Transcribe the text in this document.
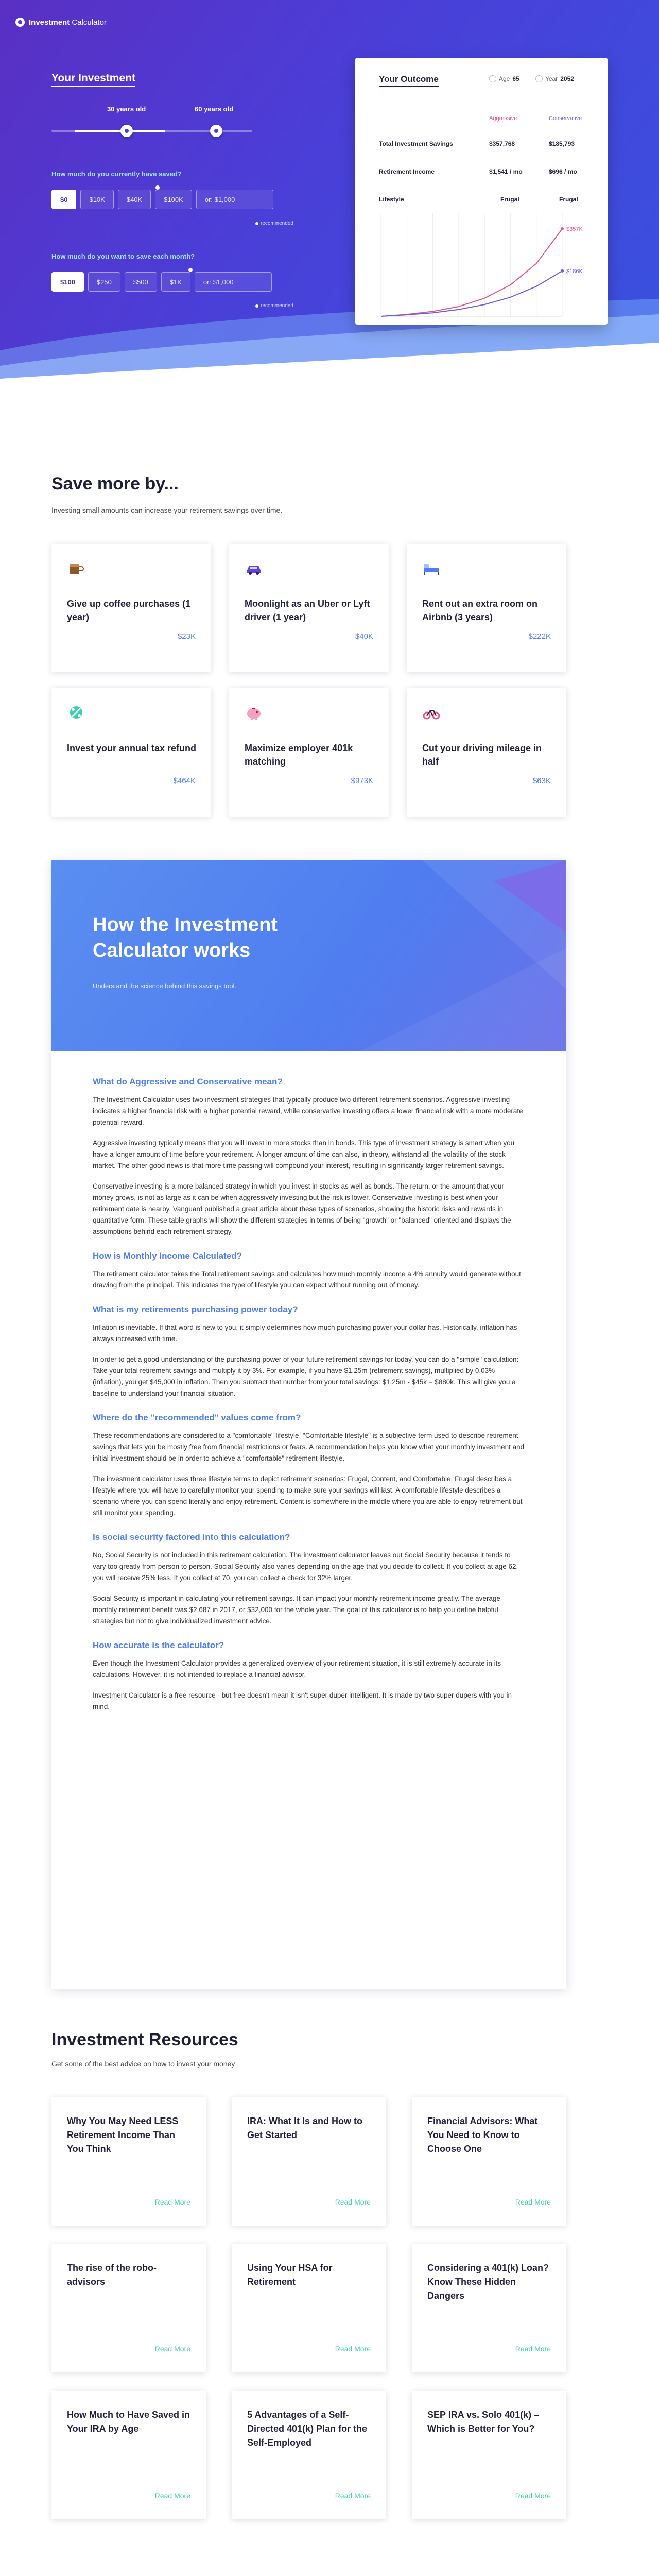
Investment Calculator
Your Investment
30 years old	60 years old
How much do you currently have saved?
$0	$10K	$40K	$100K	or: $1,000
recommended
How much do you want to save each month?
$100	$250	$500	$1K	or: $1,000
recommended
Your Outcome	Age 65	Year 2052
Aggressive	Conservative
Total Investment Savings	$357,768	$185,793
Retirement Income	$1,541 / mo	$696 / mo
Lifestyle	Frugal	Frugal
$357K
$186K
Save more by...
Investing small amounts can increase your retirement savings over time.
Give up coffee purchases (1 year)
$23K
Moonlight as an Uber or Lyft driver (1 year)
$40K
Rent out an extra room on Airbnb (3 years)
$222K
Invest your annual tax refund
$464K
Maximize employer 401k matching
$973K
Cut your driving mileage in half
$63K
How the Investment Calculator works

Understand the science behind this savings tool.

What do Aggressive and Conservative mean?

The Investment Calculator uses two investment strategies that typically produce two different retirement scenarios. Aggressive investing indicates a higher financial risk with a higher potential reward, while conservative investing offers a lower financial risk with a more moderate potential reward.

Aggressive investing typically means that you will invest in more stocks than in bonds. This type of investment strategy is smart when you have a longer amount of time before your retirement. A longer amount of time can also, in theory, withstand all the volatility of the stock market. The other good news is that more time passing will compound your interest, resulting in significantly larger retirement savings.

Conservative investing is a more balanced strategy in which you invest in stocks as well as bonds. The return, or the amount that your money grows, is not as large as it can be when aggressively investing but the risk is lower. Conservative investing is best when your retirement date is nearby. Vanguard published a great article about these types of scenarios, showing the historic risks and rewards in quantitative form. These table graphs will show the different strategies in terms of being "growth" or "balanced" oriented and displays the assumptions behind each retirement strategy.

How is Monthly Income Calculated?

The retirement calculator takes the Total retirement savings and calculates how much monthly income a 4% annuity would generate without drawing from the principal. This indicates the type of lifestyle you can expect without running out of money.

What is my retirements purchasing power today?

Inflation is inevitable. If that word is new to you, it simply determines how much purchasing power your dollar has. Historically, inflation has always increased with time.

In order to get a good understanding of the purchasing power of your future retirement savings for today, you can do a "simple" calculation: Take your total retirement savings and multiply it by 3%. For example, if you have $1.25m (retirement savings), multiplied by 0.03% (inflation), you get $45,000 in inflation. Then you subtract that number from your total savings: $1.25m - $45k = $880k. This will give you a baseline to understand your financial situation.

Where do the "recommended" values come from?

These recommendations are considered to a "comfortable" lifestyle. "Comfortable lifestyle" is a subjective term used to describe retirement savings that lets you be mostly free from financial restrictions or fears. A recommendation helps you know what your monthly investment and initial investment should be in order to achieve a "comfortable" retirement lifestyle.

The investment calculator uses three lifestyle terms to depict retirement scenarios: Frugal, Content, and Comfortable. Frugal describes a lifestyle where you will have to carefully monitor your spending to make sure your savings will last. A comfortable lifestyle describes a scenario where you can spend literally and enjoy retirement. Content is somewhere in the middle where you are able to enjoy retirement but still monitor your spending.

Is social security factored into this calculation?

No, Social Security is not included in this retirement calculation. The investment calculator leaves out Social Security because it tends to vary too greatly from person to person. Social Security also varies depending on the age that you decide to collect. If you collect at age 62, you will receive 25% less. If you collect at 70, you can collect a check for 32% larger.

Social Security is important in calculating your retirement savings. It can impact your monthly retirement income greatly. The average monthly retirement benefit was $2,687 in 2017, or $32,000 for the whole year. The goal of this calculator is to help you define helpful strategies but not to give individualized investment advice.

How accurate is the calculator?

Even though the Investment Calculator provides a generalized overview of your retirement situation, it is still extremely accurate in its calculations. However, it is not intended to replace a financial advisor.

Investment Calculator is a free resource - but free doesn't mean it isn't super duper intelligent. It is made by two super dupers with you in mind.

Investment Resources
Get some of the best advice on how to invest your money
Why You May Need LESS Retirement Income Than You Think
Read More
IRA: What It Is and How to Get Started
Read More
Financial Advisors: What You Need to Know to Choose One
Read More
The rise of the robo-advisors
Read More
Using Your HSA for Retirement
Read More
Considering a 401(k) Loan? Know These Hidden Dangers
Read More
How Much to Have Saved in Your IRA by Age
Read More
5 Advantages of a Self-Directed 401(k) Plan for the Self-Employed
Read More
SEP IRA vs. Solo 401(k) – Which is Better for You?
Read More
